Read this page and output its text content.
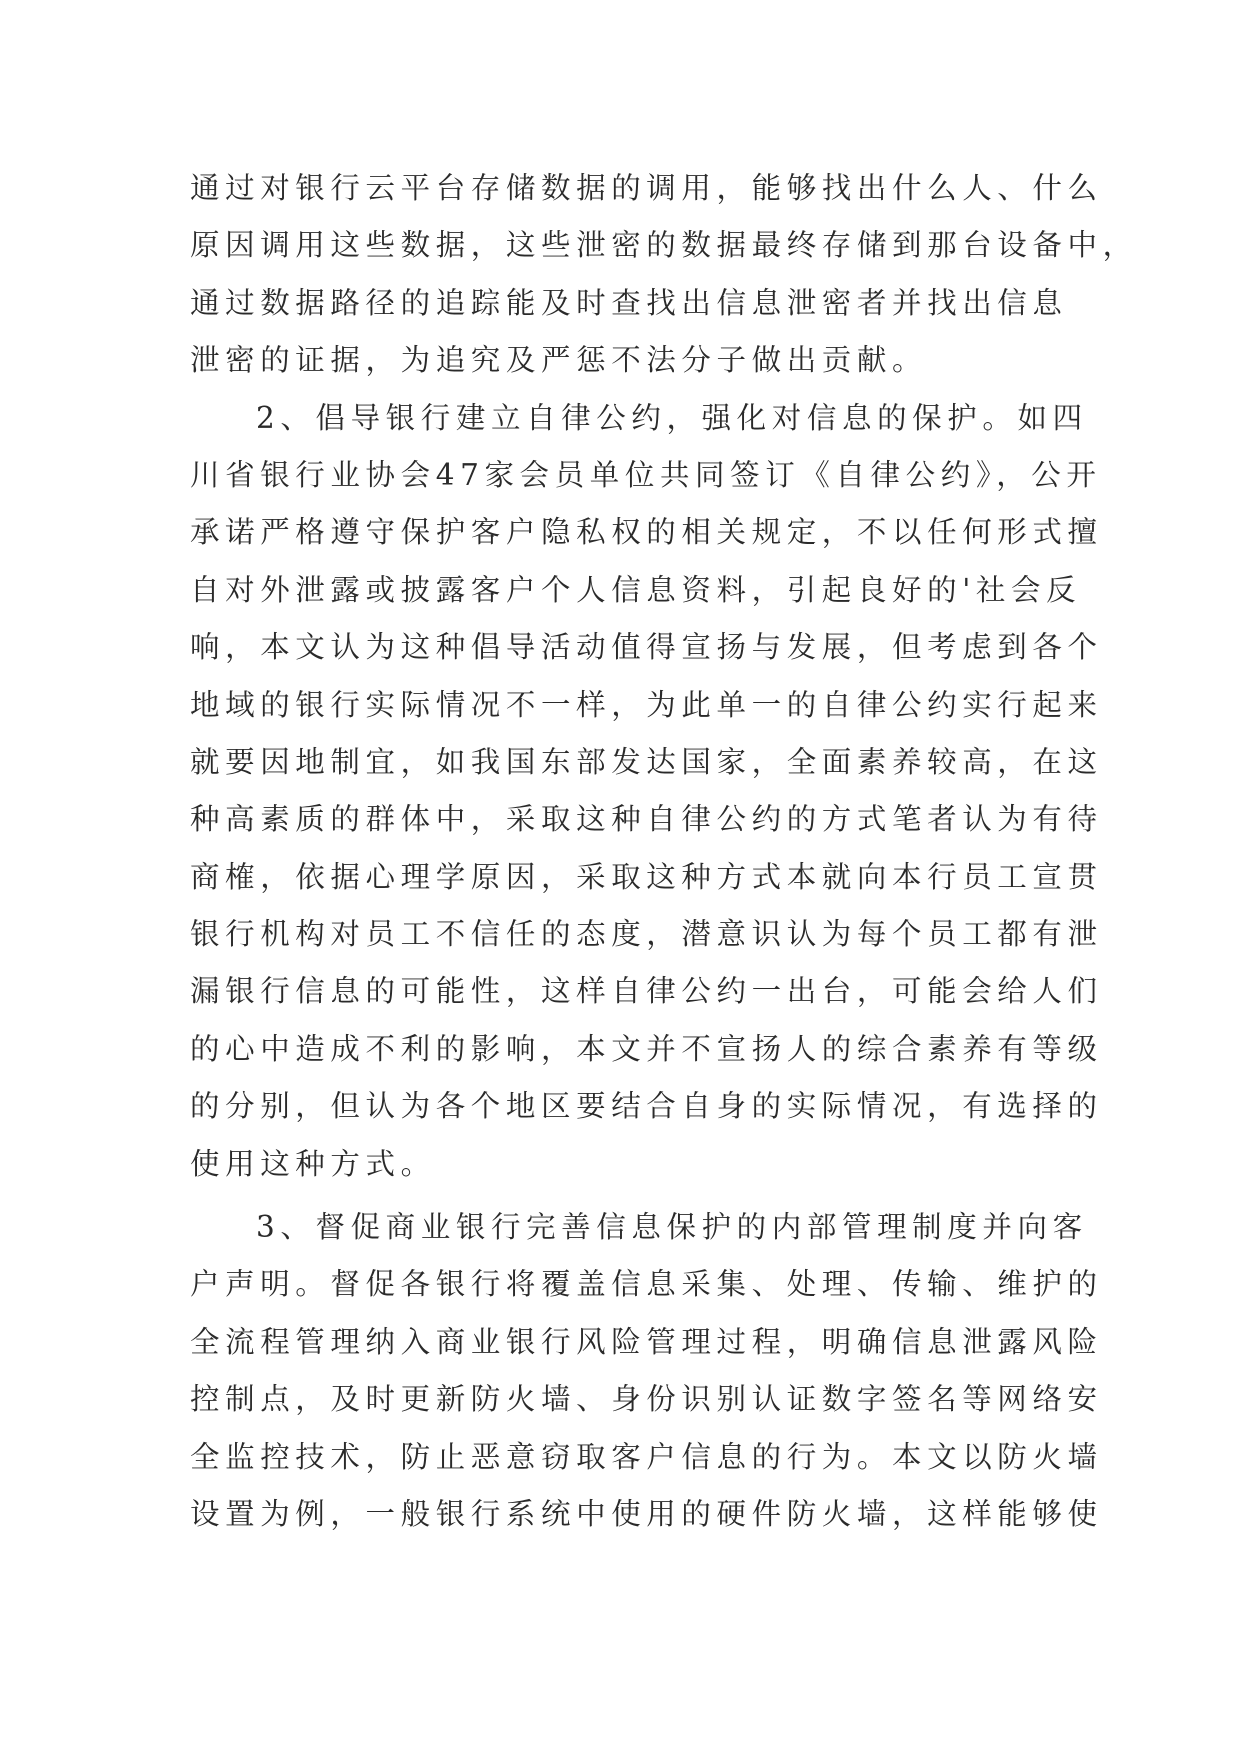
通过对银行云平台存储数据的调用，能够找出什么人、什么
原因调用这些数据，这些泄密的数据最终存储到那台设备中，
通过数据路径的追踪能及时查找出信息泄密者并找出信息
泄密的证据，为追究及严惩不法分子做出贡献。
2、倡导银行建立自律公约，强化对信息的保护。如四
川省银行业协会47家会员单位共同签订《自律公约》，公开
承诺严格遵守保护客户隐私权的相关规定，不以任何形式擅
自对外泄露或披露客户个人信息资料，引起良好的'社会反
响，本文认为这种倡导活动值得宣扬与发展，但考虑到各个
地域的银行实际情况不一样，为此单一的自律公约实行起来
就要因地制宜，如我国东部发达国家，全面素养较高，在这
种高素质的群体中，采取这种自律公约的方式笔者认为有待
商榷，依据心理学原因，采取这种方式本就向本行员工宣贯
银行机构对员工不信任的态度，潜意识认为每个员工都有泄
漏银行信息的可能性，这样自律公约一出台，可能会给人们
的心中造成不利的影响，本文并不宣扬人的综合素养有等级
的分别，但认为各个地区要结合自身的实际情况，有选择的
使用这种方式。
3、督促商业银行完善信息保护的内部管理制度并向客
户声明。督促各银行将覆盖信息采集、处理、传输、维护的
全流程管理纳入商业银行风险管理过程，明确信息泄露风险
控制点，及时更新防火墙、身份识别认证数字签名等网络安
全监控技术，防止恶意窃取客户信息的行为。本文以防火墙
设置为例，一般银行系统中使用的硬件防火墙，这样能够使
